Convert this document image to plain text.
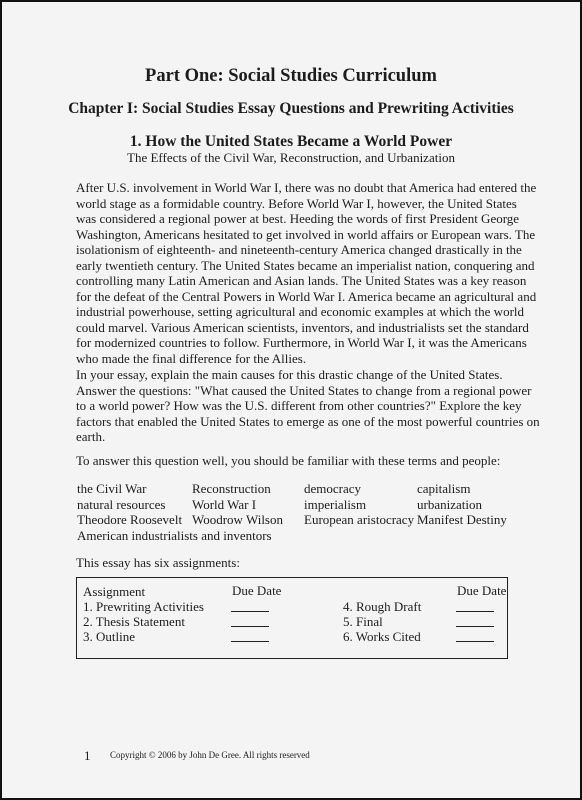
Part One: Social Studies Curriculum
Chapter I: Social Studies Essay Questions and Prewriting Activities
1. How the United States Became a World Power
The Effects of the Civil War, Reconstruction, and Urbanization
After U.S. involvement in World War I, there was no doubt that America had entered the
world stage as a formidable country. Before World War I, however, the United States
was considered a regional power at best. Heeding the words of first President George
Washington, Americans hesitated to get involved in world affairs or European wars. The
isolationism of eighteenth- and nineteenth-century America changed drastically in the
early twentieth century. The United States became an imperialist nation, conquering and
controlling many Latin American and Asian lands. The United States was a key reason
for the defeat of the Central Powers in World War I. America became an agricultural and
industrial powerhouse, setting agricultural and economic examples at which the world
could marvel. Various American scientists, inventors, and industrialists set the standard
for modernized countries to follow. Furthermore, in World War I, it was the Americans
who made the final difference for the Allies.
In your essay, explain the main causes for this drastic change of the United States.
Answer the questions: "What caused the United States to change from a regional power
to a world power? How was the U.S. different from other countries?" Explore the key
factors that enabled the United States to emerge as one of the most powerful countries on
earth.
To answer this question well, you should be familiar with these terms and people:
the Civil War
natural resources
Theodore Roosevelt
American industrialists and inventors
Reconstruction
World War I
Woodrow Wilson
democracy
imperialism
European aristocracy
capitalism
urbanization
Manifest Destiny
This essay has six assignments:
Assignment	Due Date	Due Date
1. Prewriting Activities
2. Thesis Statement
3. Outline
4. Rough Draft
5. Final
6. Works Cited
1 Copyright © 2006 by John De Gree. All rights reserved
